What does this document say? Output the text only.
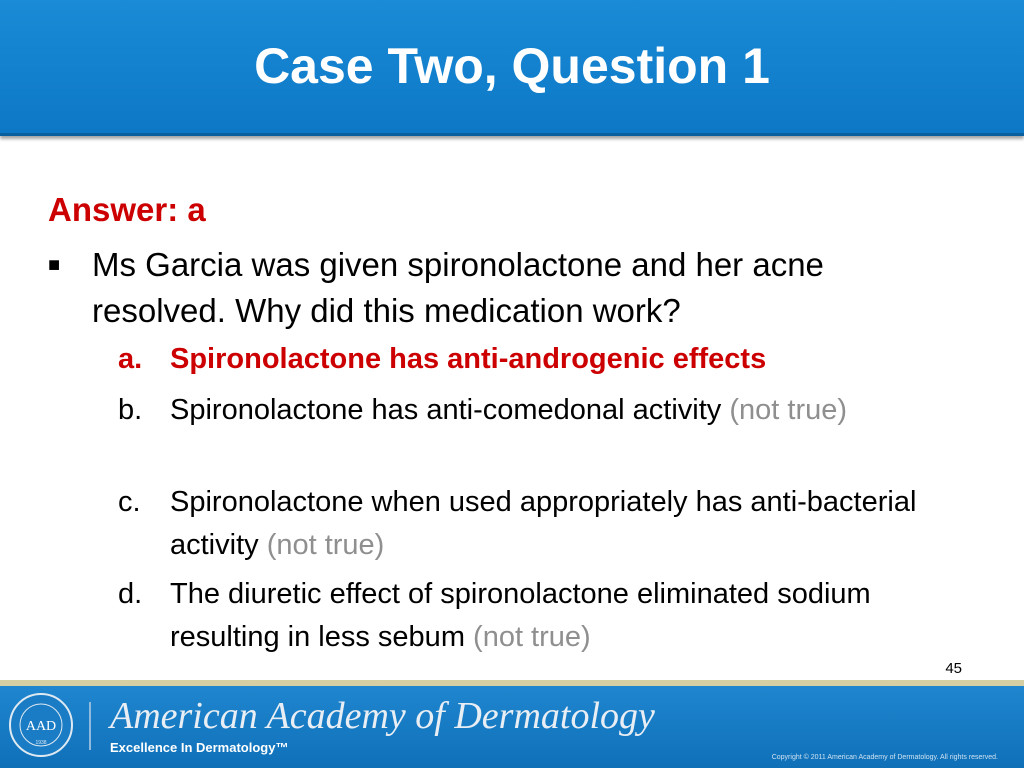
Case Two, Question 1
Answer: a
■ Ms Garcia was given spironolactone and her acne resolved. Why did this medication work?
a. Spironolactone has anti-androgenic effects
b. Spironolactone has anti-comedonal activity (not true)
c.	Spironolactone when used appropriately has anti-bacterial activity (not true)
d. The diuretic effect of spironolactone eliminated sodium resulting in less sebum (not true)
45
AAD
1938
American Academy of Dermatology
Excellence In Dermatology™
Copyright © 2011 American Academy of Dermatology. All rights reserved.
